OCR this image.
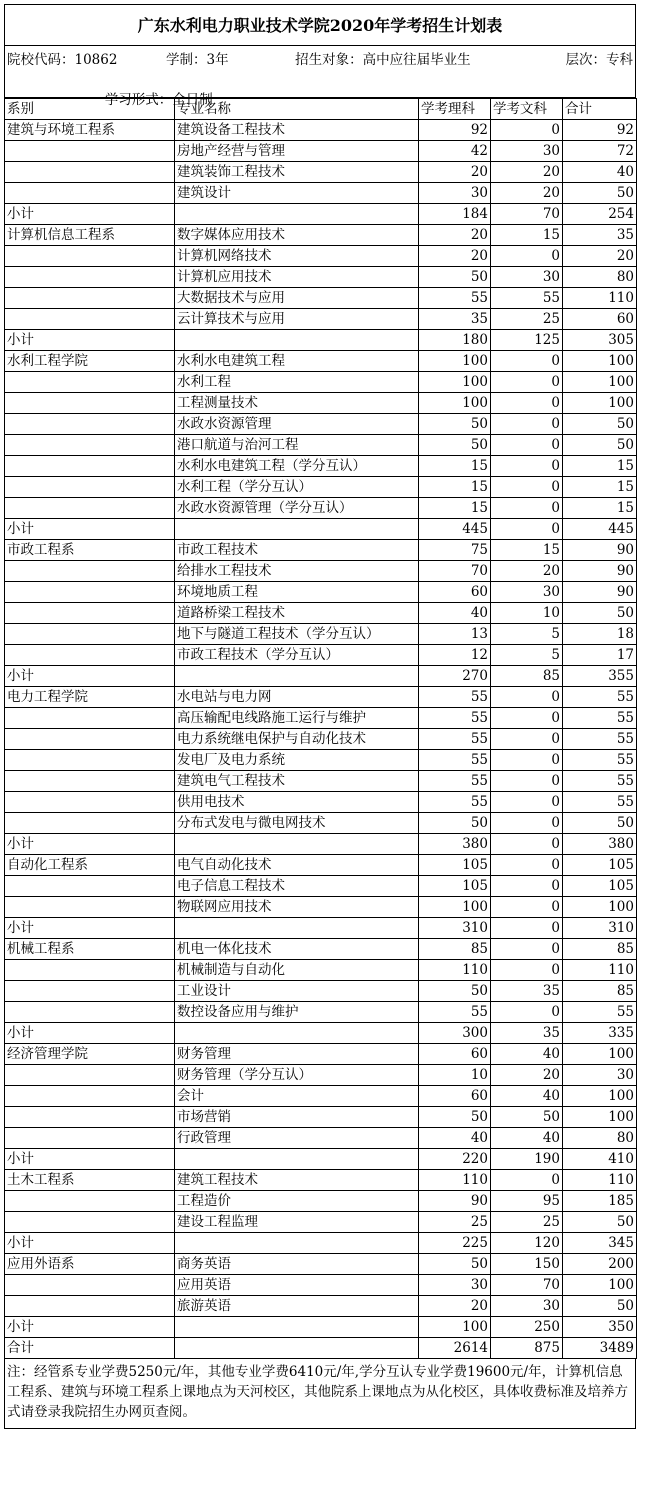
广东水利电力职业技术学院2020年学考招生计划表
院校代码：10862	学制：3年	招生对象：高中应往届毕业生	层次：专科

学习形式：全日制

系别	专业名称	学考理科	学考文科	合计
建筑与环境工程系	建筑设备工程技术	92	0	92
	房地产经营与管理	42	30	72
	建筑装饰工程技术	20	20	40
	建筑设计	30	20	50
小计		184	70	254
计算机信息工程系	数字媒体应用技术	20	15	35
	计算机网络技术	20	0	20
	计算机应用技术	50	30	80
	大数据技术与应用	55	55	110
	云计算技术与应用	35	25	60
小计		180	125	305
水利工程学院	水利水电建筑工程	100	0	100
	水利工程	100	0	100
	工程测量技术	100	0	100
	水政水资源管理	50	0	50
	港口航道与治河工程	50	0	50
	水利水电建筑工程（学分互认）	15	0	15
	水利工程（学分互认）	15	0	15
	水政水资源管理（学分互认）	15	0	15
小计		445	0	445
市政工程系	市政工程技术	75	15	90
	给排水工程技术	70	20	90
	环境地质工程	60	30	90
	道路桥梁工程技术	40	10	50
	地下与隧道工程技术（学分互认）	13	5	18
	市政工程技术（学分互认）	12	5	17
小计		270	85	355
电力工程学院	水电站与电力网	55	0	55
	高压输配电线路施工运行与维护	55	0	55
	电力系统继电保护与自动化技术	55	0	55
	发电厂及电力系统	55	0	55
	建筑电气工程技术	55	0	55
	供用电技术	55	0	55
	分布式发电与微电网技术	50	0	50
小计		380	0	380
自动化工程系	电气自动化技术	105	0	105
	电子信息工程技术	105	0	105
	物联网应用技术	100	0	100
小计		310	0	310
机械工程系	机电一体化技术	85	0	85
	机械制造与自动化	110	0	110
	工业设计	50	35	85
	数控设备应用与维护	55	0	55
小计		300	35	335
经济管理学院	财务管理	60	40	100
	财务管理（学分互认）	10	20	30
	会计	60	40	100
	市场营销	50	50	100
	行政管理	40	40	80
小计		220	190	410
土木工程系	建筑工程技术	110	0	110
	工程造价	90	95	185
	建设工程监理	25	25	50
小计		225	120	345
应用外语系	商务英语	50	150	200
	应用英语	30	70	100
	旅游英语	20	30	50
小计		100	250	350
合计		2614	875	3489
注：经管系专业学费5250元/年，其他专业学费6410元/年,学分互认专业学费19600元/年，计算机信息工程系、建筑与环境工程系上课地点为天河校区，其他院系上课地点为从化校区，具体收费标准及培养方式请登录我院招生办网页查阅。
